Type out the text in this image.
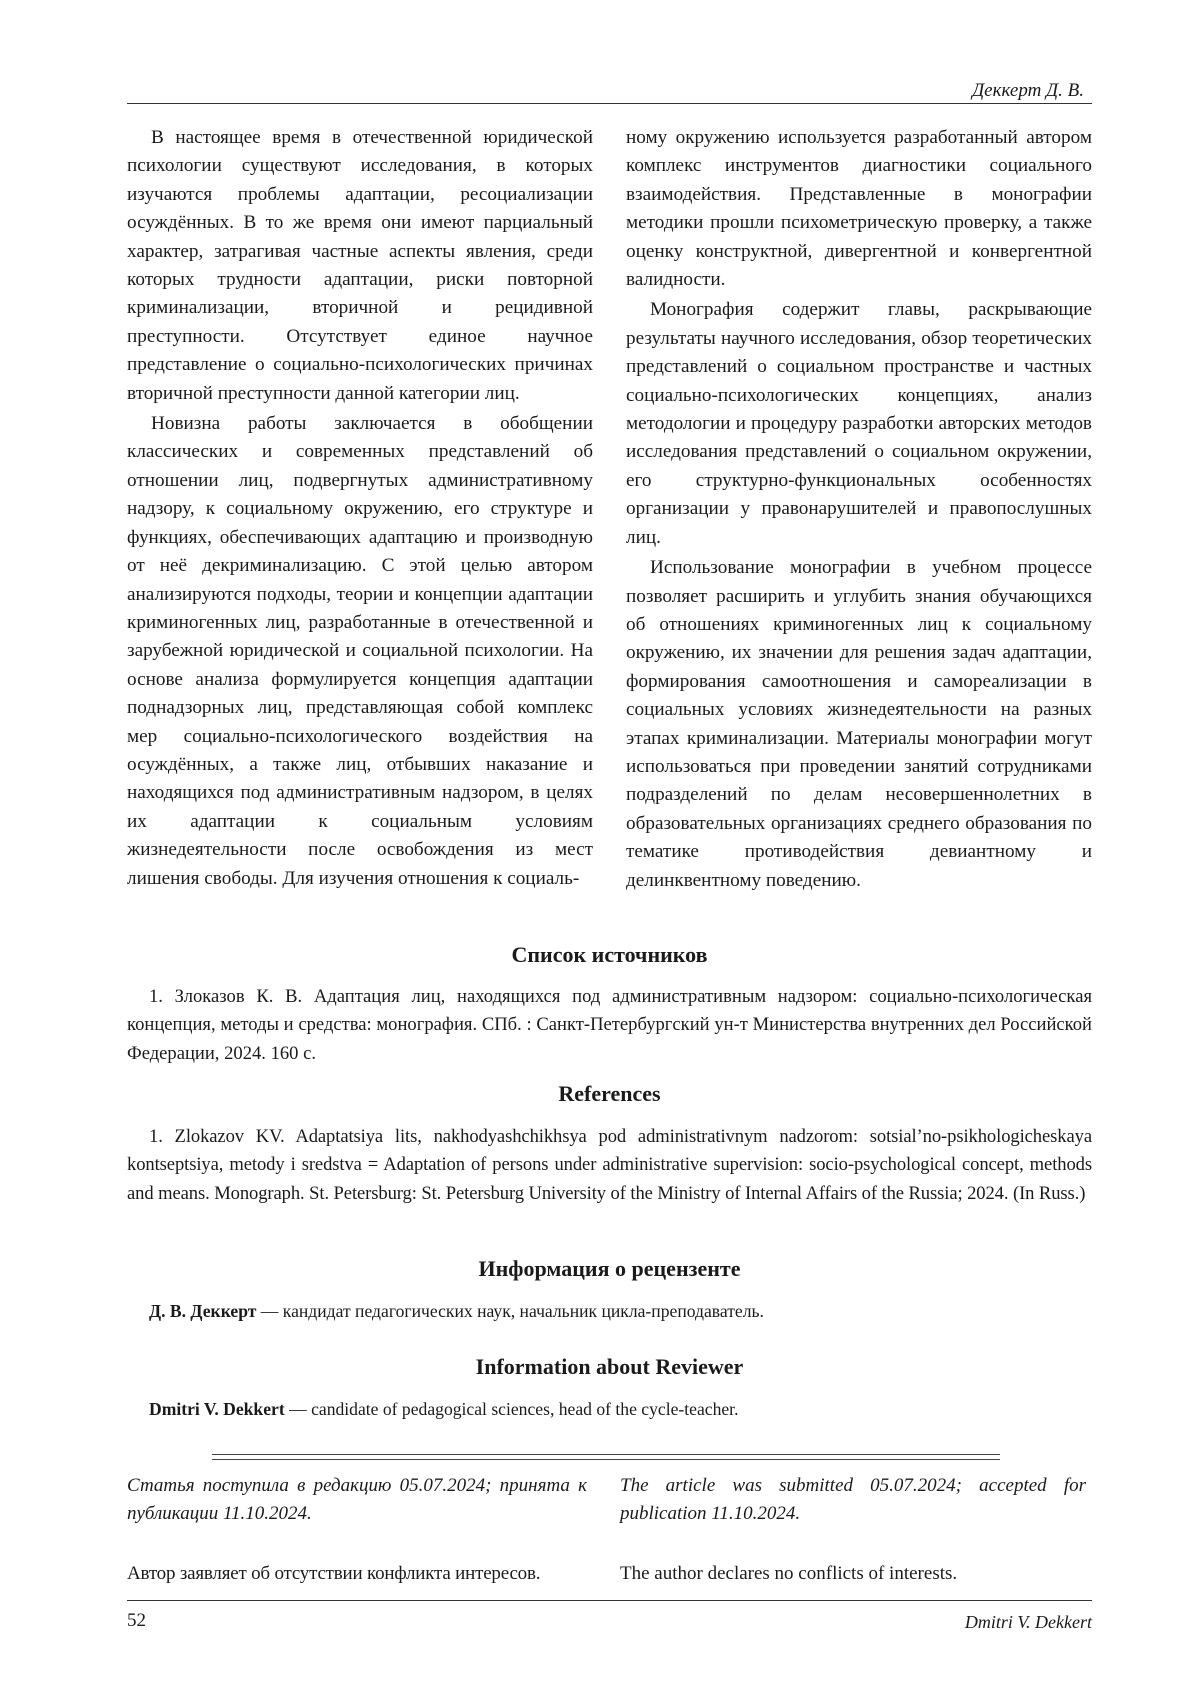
Деккерт Д. В.

В настоящее время в отечественной юридической психологии существуют исследования, в которых изучаются проблемы адаптации, ресоциализации осуждённых. В то же время они имеют парциальный характер, затрагивая частные аспекты явления, среди которых трудности адаптации, риски повторной криминализации, вторичной и рецидивной преступности. Отсутствует единое научное представление о социально-психологических причинах вторичной преступности данной категории лиц.

Новизна работы заключается в обобщении классических и современных представлений об отношении лиц, подвергнутых административному надзору, к социальному окружению, его структуре и функциях, обеспечивающих адаптацию и производную от неё декриминализацию. С этой целью автором анализируются подходы, теории и концепции адаптации криминогенных лиц, разработанные в отечественной и зарубежной юридической и социальной психологии. На основе анализа формулируется концепция адаптации поднадзорных лиц, представляющая собой комплекс мер социально-психологического воздействия на осуждённых, а также лиц, отбывших наказание и находящихся под административным надзором, в целях их адаптации к социальным условиям жизнедеятельности после освобождения из мест лишения свободы. Для изучения отношения к социаль-

ному окружению используется разработанный автором комплекс инструментов диагностики социального взаимодействия. Представленные в монографии методики прошли психометрическую проверку, а также оценку конструктной, дивергентной и конвергентной валидности.

Монография содержит главы, раскрывающие результаты научного исследования, обзор теоретических представлений о социальном пространстве и частных социально-психологических концепциях, анализ методологии и процедуру разработки авторских методов исследования представлений о социальном окружении, его структурно-функциональных особенностях организации у правонарушителей и правопослушных лиц.

Использование монографии в учебном процессе позволяет расширить и углубить знания обучающихся об отношениях криминогенных лиц к социальному окружению, их значении для решения задач адаптации, формирования самоотношения и самореализации в социальных условиях жизнедеятельности на разных этапах криминализации. Материалы монографии могут использоваться при проведении занятий сотрудниками подразделений по делам несовершеннолетних в образовательных организациях среднего образования по тематике противодействия девиантному и делинквентному поведению.

Список источников

1. Злоказов К. В. Адаптация лиц, находящихся под административным надзором: социально-психологическая концепция, методы и средства: монография. СПб. : Санкт-Петербургский ун-т Министерства внутренних дел Российской Федерации, 2024. 160 с.

References

1. Zlokazov KV. Adaptatsiya lits, nakhodyashchikhsya pod administrativnym nadzorom: sotsial’no-psikhologicheskaya kontseptsiya, metody i sredstva = Adaptation of persons under administrative supervision: socio-psychological concept, methods and means. Monograph. St. Petersburg: St. Petersburg University of the Ministry of Internal Affairs of the Russia; 2024. (In Russ.)

Информация о рецензенте

Д. В. Деккерт — кандидат педагогических наук, начальник цикла-преподаватель.

Information about Reviewer

Dmitri V. Dekkert — candidate of pedagogical sciences, head of the cycle-teacher.

Статья поступила в редакцию 05.07.2024; принята к публикации 11.10.2024.

The article was submitted 05.07.2024; accepted for publication 11.10.2024.

Автор заявляет об отсутствии конфликта интересов.	The author declares no conflicts of interests.

52	Dmitri V. Dekkert
